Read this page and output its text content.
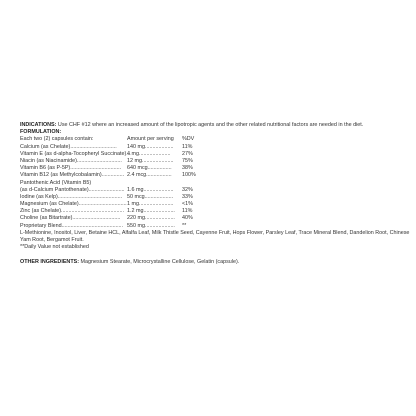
INDICATIONS: Use CHF #12 where an increased amount of the lipotropic agents and the other related nutritional factors are needed in the diet.
FORMULATION:
Each two (2) capsules contain:	Amount per serving %DV
Calcium (as Chelate)............................... 140 mg................... 11%
Vitamin E (as d-alpha-Tocopheryl Succinate)...
4 mg..................... 27%
Niacin (as Niacinamide).............................. 12 mg..................... 75%
Vitamin B6 (as P-5P).................................. 640 mcg................ 38%
Vitamin B12 (as Methylcobalamin)............... 2.4 mcg................. 100%
Pantothenic Acid (Vitamin B5)
(as d-Calcium Pantothenate)........................ 1.6 mg.................... 32%
Iodine (as Kelp)........................................... 50 mcg................... 33%
Magnesium (as Chelate)................................ 1 mg....................... <1%
Zinc (as Chelate).......................................... 1.2 mg..................... 11%
Choline (as Bitartrate)................................ 220 mg.................... 40%
Proprietary Blend......................................... 550 mg.................... **
L-Methionine, Inositol, Liver, Betaine HCL, Alfalfa Leaf, Milk Thistle Seed, Cayenne Fruit, Hops Flower, Parsley Leaf, Trace Mineral Blend, Dandelion Root, Chinese Yam Root, Bergamot Fruit.
**Daily Value not established
OTHER INGREDIENTS: Magnesium Stearate, Microcrystalline Cellulose, Gelatin (capsule).
